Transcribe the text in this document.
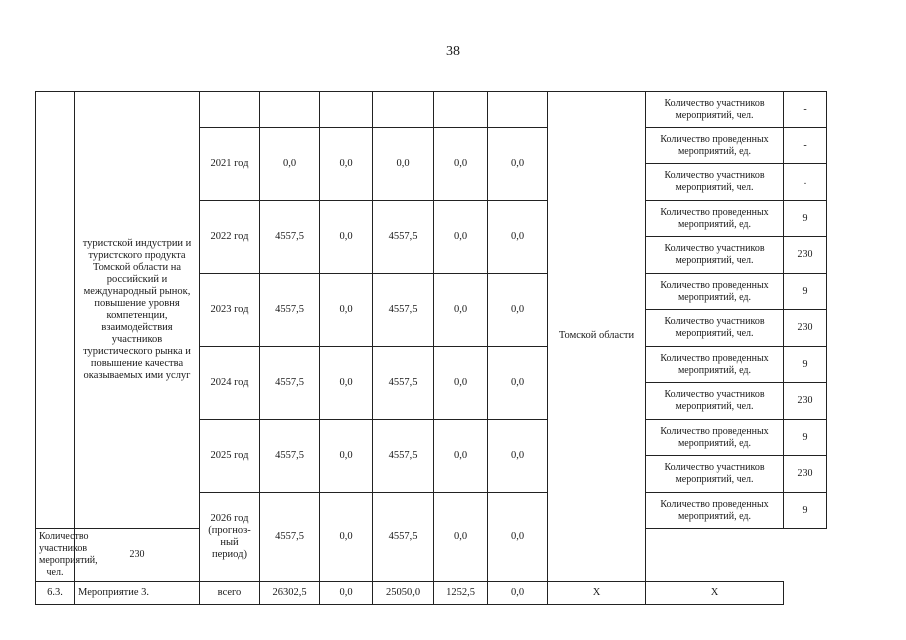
38
	туристской индустрии и туристского продукта Томской области на российский и международный рынок, повышение уровня компетенции, взаимодействия участников туристического рынка и повышение качества оказываемых ими услуг							Томской области	Количество участников мероприятий, чел.	-
		2021 год	0,0	0,0	0,0	0,0	0,0		Количество проведенных мероприятий, ед.	-
									Количество участников мероприятий, чел.	.
		2022 год	4557,5	0,0	4557,5	0,0	0,0		Количество проведенных мероприятий, ед.	9
									Количество участников мероприятий, чел.	230
		2023 год	4557,5	0,0	4557,5	0,0	0,0		Количество проведенных мероприятий, ед.	9
									Количество участников мероприятий, чел.	230
		2024 год	4557,5	0,0	4557,5	0,0	0,0		Количество проведенных мероприятий, ед.	9
									Количество участников мероприятий, чел.	230
		2025 год	4557,5	0,0	4557,5	0,0	0,0		Количество проведенных мероприятий, ед.	9
									Количество участников мероприятий, чел.	230
		2026 год (прогноз-ный период)	4557,5	0,0	4557,5	0,0	0,0		Количество проведенных мероприятий, ед.	9
Количество участников мероприятий, чел.	230									
6.3.	Мероприятие 3.	всего	26302,5	0,0	25050,0	1252,5	0,0	X	X	
